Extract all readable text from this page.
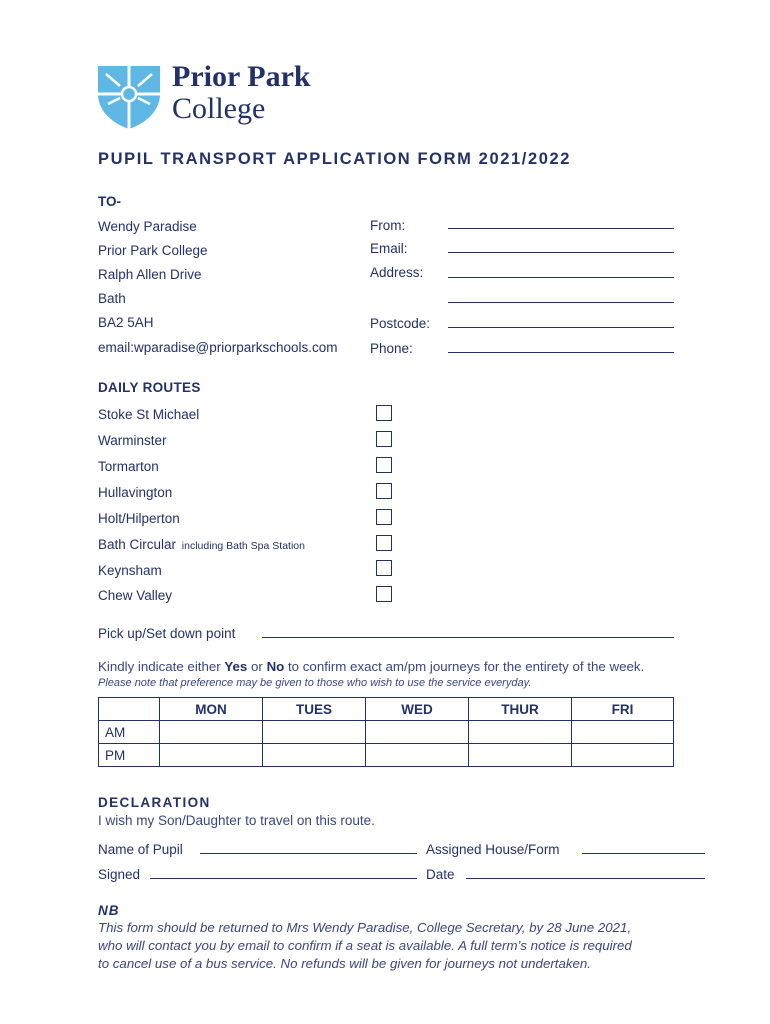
Prior Park
College
PUPIL TRANSPORT APPLICATION FORM 2021/2022
TO-
Wendy Paradise
Prior Park College
Ralph Allen Drive
Bath
BA2 5AH
email:wparadise@priorparkschools.com
From:
Email:
Address:
Postcode:
Phone:
DAILY ROUTES
Stoke St Michael
Warminster
Tormarton
Hullavington
Holt/Hilperton
Bath Circular including Bath Spa Station
Keynsham
Chew Valley
Pick up/Set down point
Kindly indicate either Yes or No to confirm exact am/pm journeys for the entirety of the week.
Please note that preference may be given to those who wish to use the service everyday.
	MON	TUES	WED	THUR	FRI
AM					
PM					
DECLARATION
I wish my Son/Daughter to travel on this route.
Name of Pupil	Assigned House/Form
Signed	Date
NB
This form should be returned to Mrs Wendy Paradise, College Secretary, by 28 June 2021,
who will contact you by email to confirm if a seat is available. A full term’s notice is required
to cancel use of a bus service. No refunds will be given for journeys not undertaken.
